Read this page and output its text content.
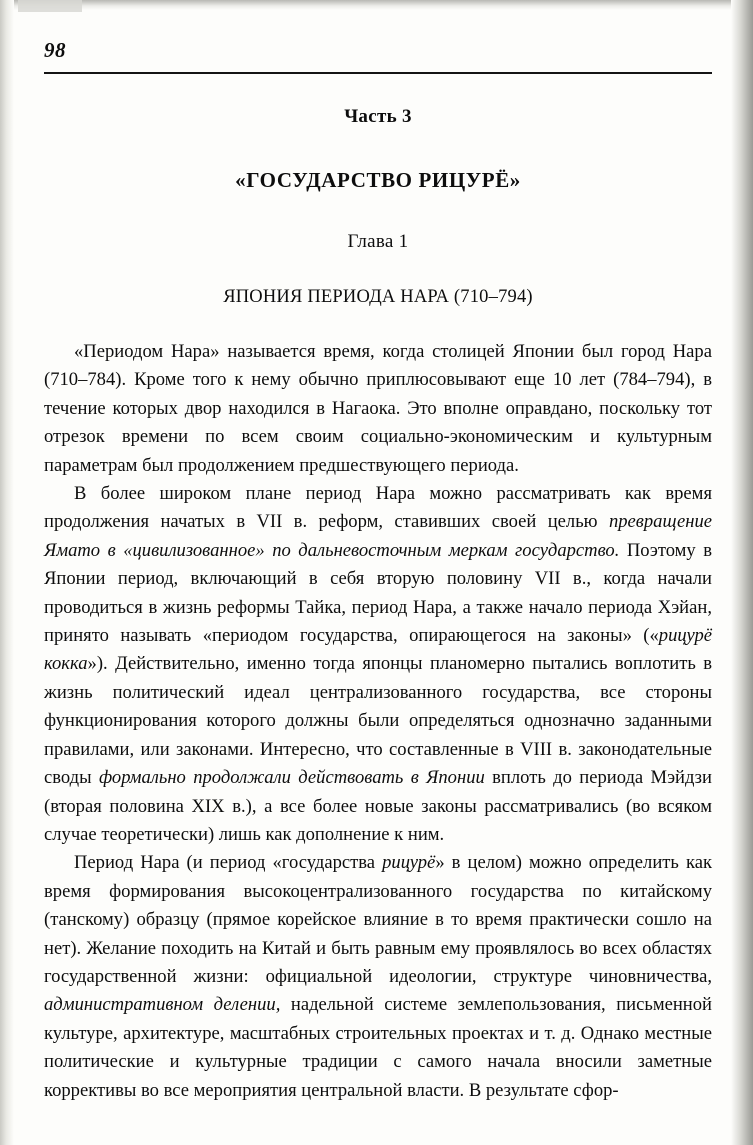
98
Часть 3
«ГОСУДАРСТВО РИЦУРЁ»
Глава 1
ЯПОНИЯ ПЕРИОДА НАРА (710–794)

«Периодом Нара» называется время, когда столицей Японии был город Нара (710–784). Кроме того к нему обычно приплюсовывают еще 10 лет (784–794), в течение которых двор находился в Нагаока. Это вполне оправдано, поскольку тот отрезок времени по всем своим социально-экономическим и культурным параметрам был продолжением предшествующего периода.

В более широком плане период Нара можно рассматривать как время продолжения начатых в VII в. реформ, ставивших своей целью превращение Ямато в «цивилизованное» по дальневосточным меркам государство. Поэтому в Японии период, включающий в себя вторую половину VII в., когда начали проводиться в жизнь реформы Тайка, период Нара, а также начало периода Хэйан, принято называть «периодом государства, опирающегося на законы» («рицурё кокка»). Действительно, именно тогда японцы планомерно пытались воплотить в жизнь политический идеал централизованного государства, все стороны функционирования которого должны были определяться однозначно заданными правилами, или законами. Интересно, что составленные в VIII в. законодательные своды формально продолжали действовать в Японии вплоть до периода Мэйдзи (вторая половина XIX в.), а все более новые законы рассматривались (во всяком случае теоретически) лишь как дополнение к ним.

Период Нара (и период «государства рицурё» в целом) можно определить как время формирования высокоцентрализованного государства по китайскому (танскому) образцу (прямое корейское влияние в то время практически сошло на нет). Желание походить на Китай и быть равным ему проявлялось во всех областях государственной жизни: официальной идеологии, структуре чиновничества, административном делении, надельной системе землепользования, письменной культуре, архитектуре, масштабных строительных проектах и т. д. Однако местные политические и культурные традиции с самого начала вносили заметные коррективы во все мероприятия центральной власти. В результате сфор-
